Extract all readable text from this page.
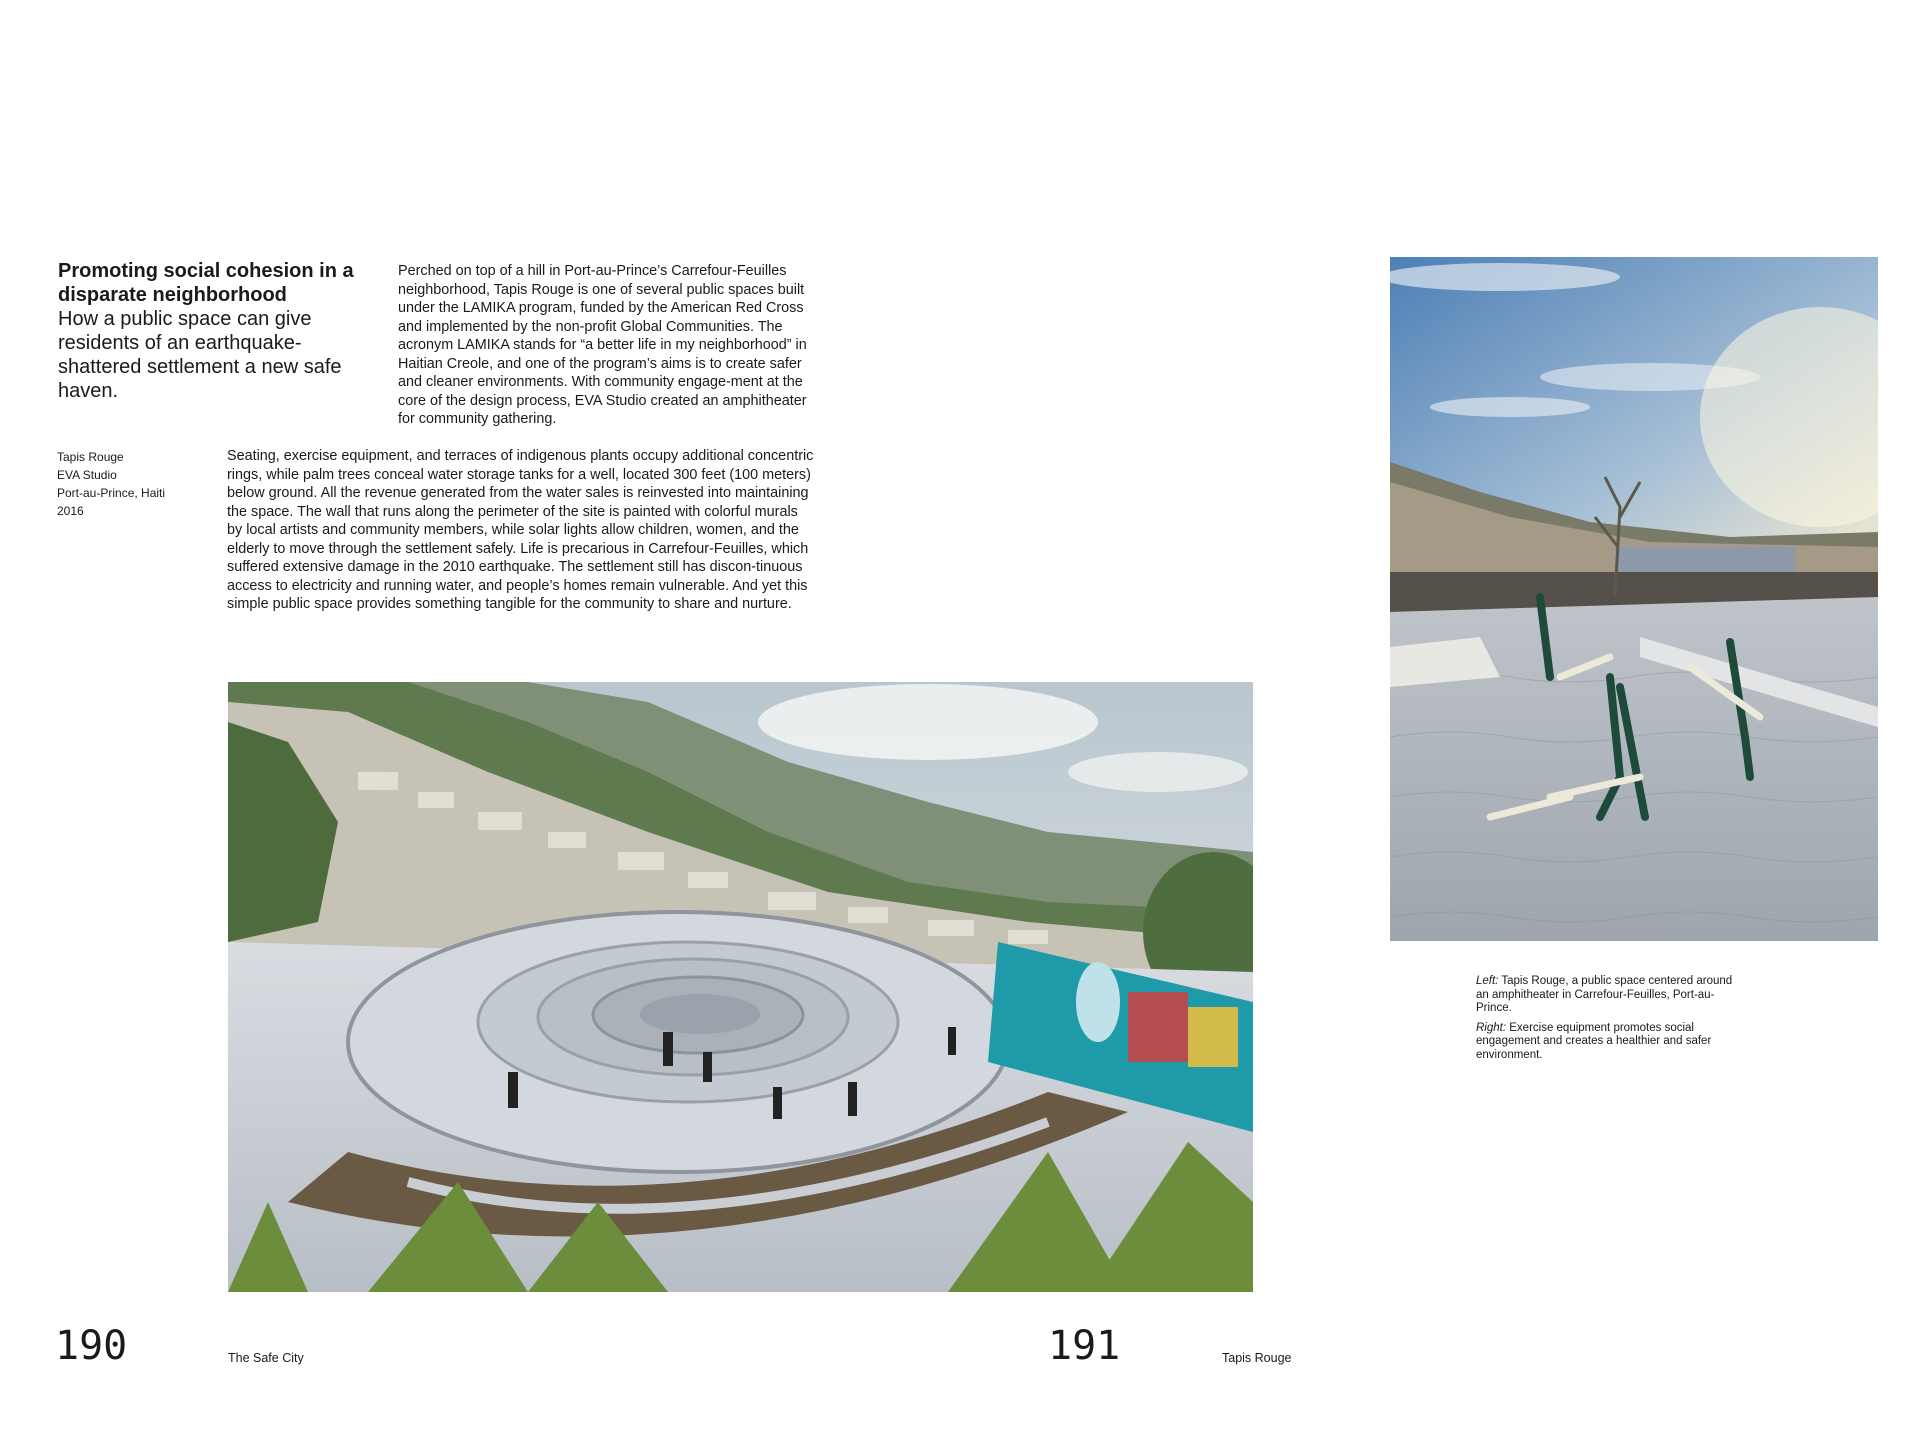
Promoting social cohesion in a disparate neighborhood

How a public space can give residents of an earthquake-shattered settlement a new safe haven.

Tapis Rouge
EVA Studio
Port-au-Prince, Haiti
2016

Perched on top of a hill in Port-au-Prince’s Carrefour-Feuilles neighborhood, Tapis Rouge is one of several public spaces built under the LAMIKA program, funded by the American Red Cross and implemented by the non-profit Global Communities. The acronym LAMIKA stands for “a better life in my neighborhood” in Haitian Creole, and one of the program’s aims is to create safer and cleaner environments. With community engage-ment at the core of the design process, EVA Studio created an amphitheater for community gathering.

Seating, exercise equipment, and terraces of indigenous plants occupy additional concentric rings, while palm trees conceal water storage tanks for a well, located 300 feet (100 meters) below ground. All the revenue generated from the water sales is reinvested into maintaining the space. The wall that runs along the perimeter of the site is painted with colorful murals by local artists and community members, while solar lights allow children, women, and the elderly to move through the settlement safely. Life is precarious in Carrefour-Feuilles, which suffered extensive damage in the 2010 earthquake. The settlement still has discon-tinuous access to electricity and running water, and people’s homes remain vulnerable. And yet this simple public space provides something tangible for the community to share and nurture.

Left: Tapis Rouge, a public space centered around an amphitheater in Carrefour-Feuilles, Port-au-Prince.

Right: Exercise equipment promotes social engagement and creates a healthier and safer environment.

190	The Safe City	191	Tapis Rouge
